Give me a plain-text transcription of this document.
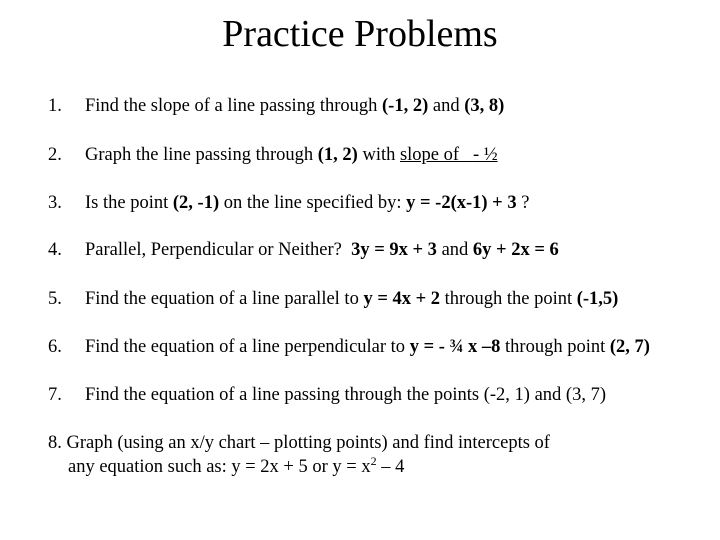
Practice Problems
1. Find the slope of a line passing through (-1, 2) and (3, 8)
2. Graph the line passing through (1, 2) with slope of - ½
3. Is the point (2, -1) on the line specified by: y = -2(x-1) + 3 ?
4. Parallel, Perpendicular or Neither?  3y = 9x + 3 and 6y + 2x = 6
5. Find the equation of a line parallel to y = 4x + 2 through the point (-1,5)
6. Find the equation of a line perpendicular to y = - ¾ x –8 through point (2, 7)
7. Find the equation of a line passing through the points (-2, 1) and (3, 7)
8. Graph (using an x/y chart – plotting points) and find intercepts of
any equation such as: y = 2x + 5 or $y = x^2 - 4$
